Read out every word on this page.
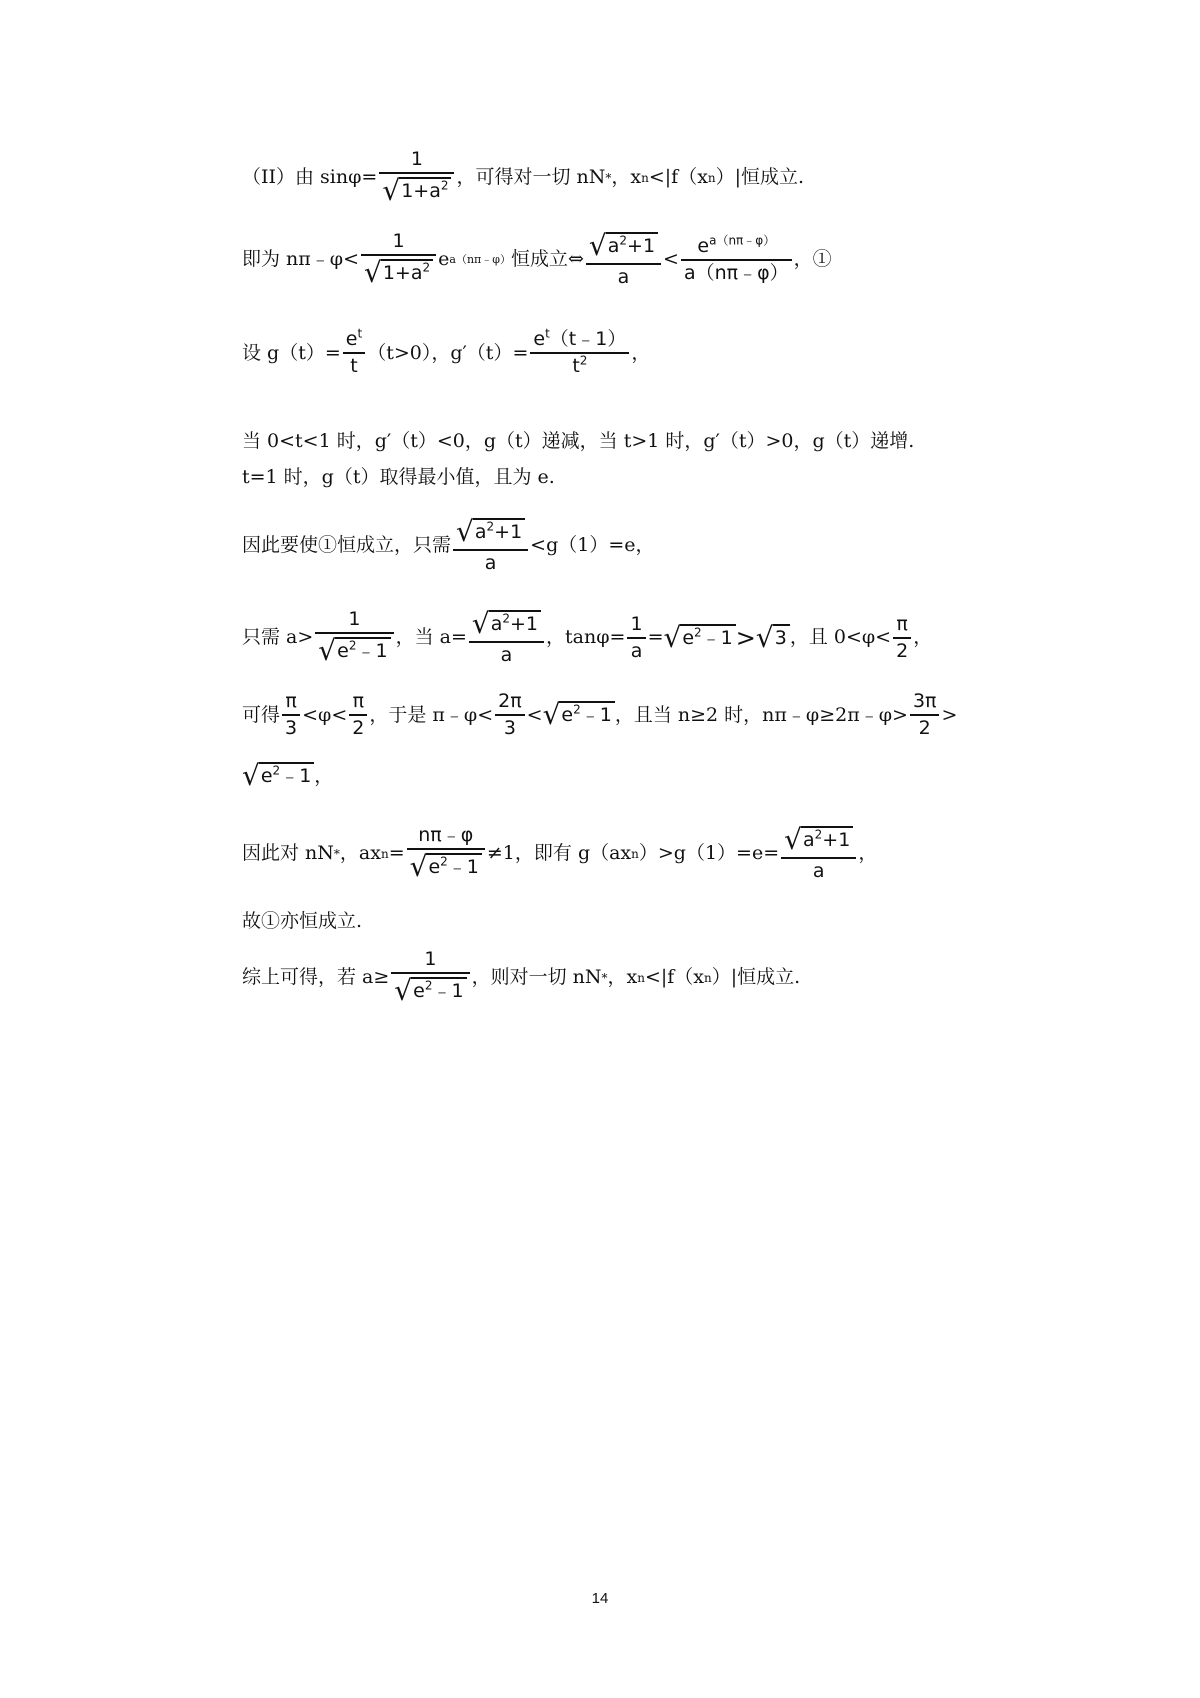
（II）由 $\sin\varphi= \frac{1}{√ 1+a^2}$ ，可得对一切 nN * ，x n <|f（x n ）|恒成立.
即为 nπ﹣φ< $\frac{1}{√ 1+a^2}$ e a（nπ﹣φ） 恒成立⇔ $\frac{√ a^2+1}{a} < \frac{e^{a(n\pi﹣\varphi)}}{a(n\pi﹣\varphi)}$ ，①
设 $g(t)= \frac{e^t}{t} (t>0)$，$g'(t)= \frac{e^t(t﹣1)}{t^2}$ ，
当 0<t<1 时，g′（t）<0，g（t）递减，当 t>1 时，g′（t）>0，g（t）递增.
t=1 时，g（t）取得最小值，且为 e.
因此要使①恒成立，只需 $\frac{√ a^2+1}{a} <g(1)=e$，
只需 $a> \frac{1}{√ e^2﹣1}$ ，当 $a= \frac{√ a^2+1}{a}$ ，$\tan\varphi= \frac{1}{a}$ = √ $e^2﹣1$ > √ 3 ，且 $0<\varphi< \frac{\pi}{2}$ ，
可得 $\frac{\pi}{3} <\varphi< \frac{\pi}{2}$ ，于是 π﹣φ< $\frac{2\pi}{3}$ < √ $e^2﹣1$ ，且当 n≥2 时，nπ﹣φ≥2π﹣φ> $\frac{3\pi}{2}$ >
√ $e^2﹣1$ ，
因此对 nN * ，ax $n = \frac{n\pi﹣\varphi}{√ e^2﹣1} \ne 1$，即有 g（ax n ）$>g(1)=e= \frac{√ a^2+1}{a}$ ，
故①亦恒成立.
综上可得，若 $a\ge \frac{1}{√ e^2﹣1}$ ，则对一切 nN * ，x n <|f（x n ）|恒成立.
14
